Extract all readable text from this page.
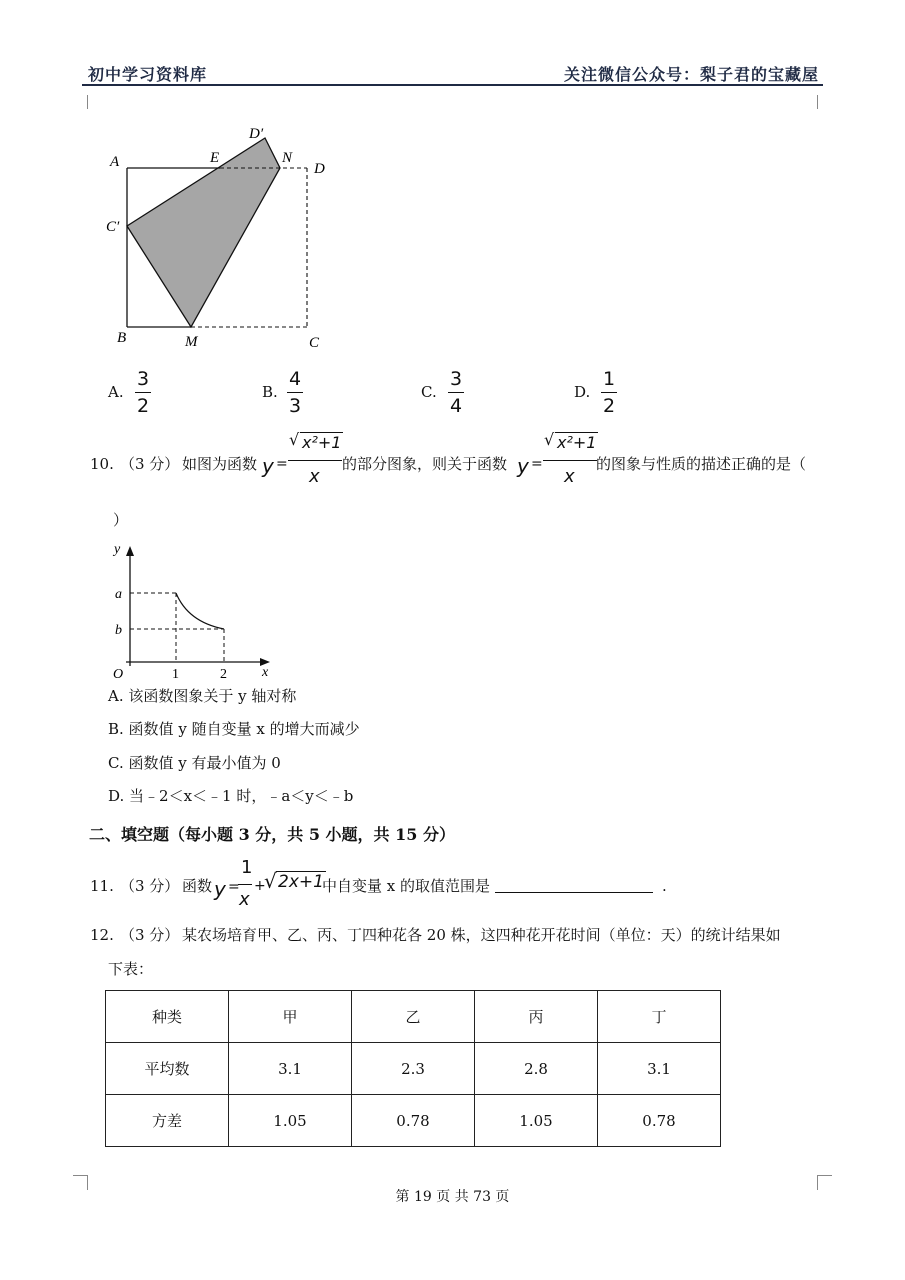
初中学习资料库	关注微信公众号：梨子君的宝藏屋
A	E
D′
N
D
C′
B	M	C
A.
3
2
B.
4
3
C.
3
4
D.
1
2
10. （3 分） 如图为函数 y =
√ x²+1
x
的部分图象，则关于函数 y =
√ x²+1
x
的图象与性质的描述正确的是（
）
y
a
b
O	1	2	x
A. 该函数图象关于 y 轴对称
B. 函数值 y 随自变量 x 的增大而减少
C. 函数值 y 有最小值为 0
D. 当﹣2＜x＜﹣1 时，﹣a＜y＜﹣b
二、填空题（每小题 3 分，共 5 小题，共 15 分）
11. （3 分） 函数 y =
1
x
+
√ 2x+1
中自变量 x 的取值范围是	.
12. （3 分） 某农场培育甲、乙、丙、丁四种花各 20 株，这四种花开花时间（单位：天）的统计结果如
下表：
种类	甲	乙	丙	丁
平均数	3.1	2.3	2.8	3.1
方差	1.05	0.78	1.05	0.78
第 19 页 共 73 页
